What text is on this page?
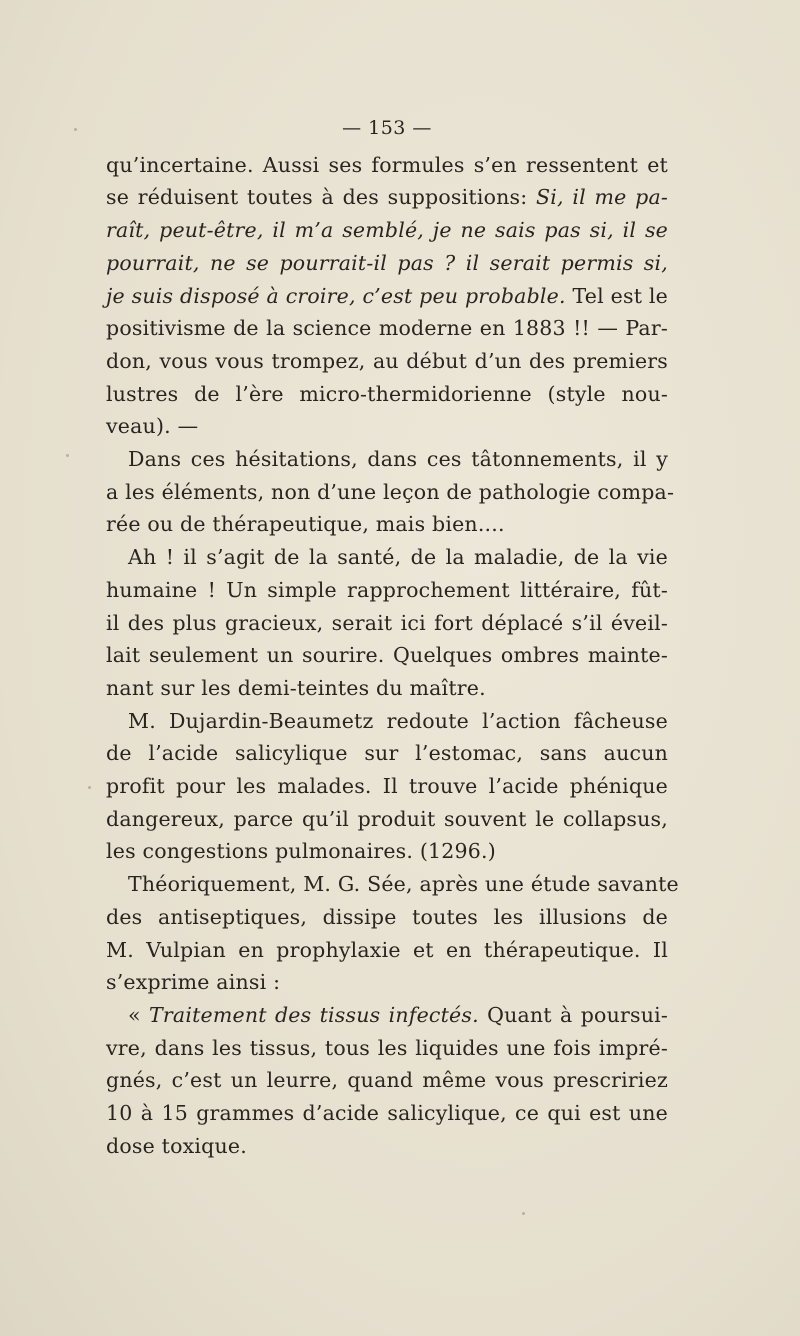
— 153 —
qu’incertaine. Aussi ses formules s’en ressentent et
se réduisent toutes à des suppositions: Si, il me pa-
raît, peut-être, il m’a semblé, je ne sais pas si, il se
pourrait, ne se pourrait-il pas ? il serait permis si,
je suis disposé à croire, c’est peu probable. Tel est le
positivisme de la science moderne en 1883 !! — Par-
don, vous vous trompez, au début d’un des premiers
lustres de l’ère micro-thermidorienne (style nou-
veau). —
Dans ces hésitations, dans ces tâtonnements, il y
a les éléments, non d’une leçon de pathologie compa-
rée ou de thérapeutique, mais bien....
Ah ! il s’agit de la santé, de la maladie, de la vie
humaine ! Un simple rapprochement littéraire, fût-
il des plus gracieux, serait ici fort déplacé s’il éveil-
lait seulement un sourire. Quelques ombres mainte-
nant sur les demi-teintes du maître.
M. Dujardin-Beaumetz redoute l’action fâcheuse
de l’acide salicylique sur l’estomac, sans aucun
profit pour les malades. Il trouve l’acide phénique
dangereux, parce qu’il produit souvent le collapsus,
les congestions pulmonaires. (1296.)
Théoriquement, M. G. Sée, après une étude savante
des antiseptiques, dissipe toutes les illusions de
M. Vulpian en prophylaxie et en thérapeutique. Il
s’exprime ainsi :
« Traitement des tissus infectés. Quant à poursui-
vre, dans les tissus, tous les liquides une fois impré-
gnés, c’est un leurre, quand même vous prescririez
10 à 15 grammes d’acide salicylique, ce qui est une
dose toxique.
